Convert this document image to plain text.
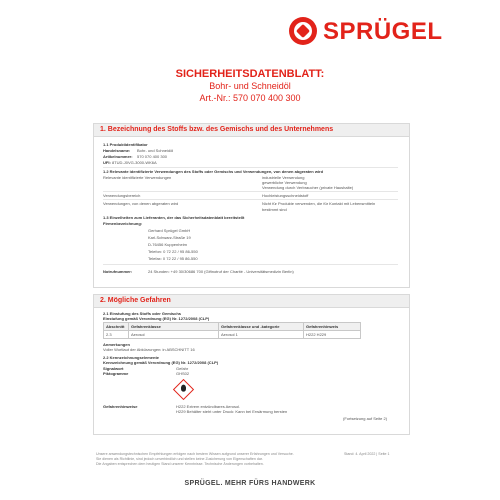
SPRÜGEL
SICHERHEITSDATENBLATT:
Bohr- und Schneidöl
Art.-Nr.: 570 070 400 300
1. Bezeichnung des Stoffs bzw. des Gemischs und des Unternehmens
1.1 Produktidentifikator
Handelsname: Bohr- und Schneidöl
Artikelnummer: 570 070 400 300
UFI: 8TUD-J0VG-3000-WK6A
1.2 Relevante identifizierte Verwendungen des Stoffs oder Gemischs und Verwendungen, von denen abgeraten wird
Relevante identifizierte Verwendungen	industrielle Verwendung
gewerbliche Verwendung
Verwendung durch Verbraucher (private Haushalte)
Verwendungsbereich	Hochleistungsschneidstoff
Verwendungen, von denen abgeraten wird	Nicht für Produkte verwenden, die für Kontakt mit Lebensmitteln
bestimmt sind
1.3 Einzelheiten zum Lieferanten, der das Sicherheitsdatenblatt bereitstellt
Firmenbezeichnung:
Gerhard Sprügel GmbH
Karl-Schwarz-Straße 19
D-76456 Kuppenheim
Telefon: 0 72 22 / 95 86-550
Telefax: 0 72 22 / 95 86-550
Notrufnummer:	24 Stunden: +49 30/30686 700 (Giftnotruf der Charité - Universitätsmedizin Berlin)
2. Mögliche Gefahren
2.1 Einstufung des Stoffs oder Gemischs
Einstufung gemäß Verordnung (EG) Nr. 1272/2008 (CLP)
Abschnitt	Gefahrenklasse	Gefahrenklasse und -kategorie	Gefahrenhinweis
2.3	Aerosol	Aerosol 1	H222 H229
Anmerkungen
Voller Wortlaut der Abkürzungen: in ABSCHNITT 16
2.2 Kennzeichnungselemente
Kennzeichnung gemäß Verordnung (EG) Nr. 1272/2008 (CLP)
Signalwort	Gefahr
Piktogramme	GHS02
Gefahrenhinweise	H222 Extrem entzündbares Aerosol.
H229 Behälter steht unter Druck: Kann bei Erwärmung bersten
(Fortsetzung auf Seite 2)
Unsere anwendungstechnischen Empfehlungen erfolgen nach bestem Wissen aufgrund unserer Erfahrungen und Versuche.
Sie dienen als Richtlinie, sind jedoch unverbindlich und stellen keine Zusicherung von Eigenschaften dar.
Die Angaben entsprechen dem heutigen Stand unserer Kenntnisse. Technische Änderungen vorbehalten.
Stand: 4. April 2022 | Seite 1
SPRÜGEL. MEHR FÜRS HANDWERK
